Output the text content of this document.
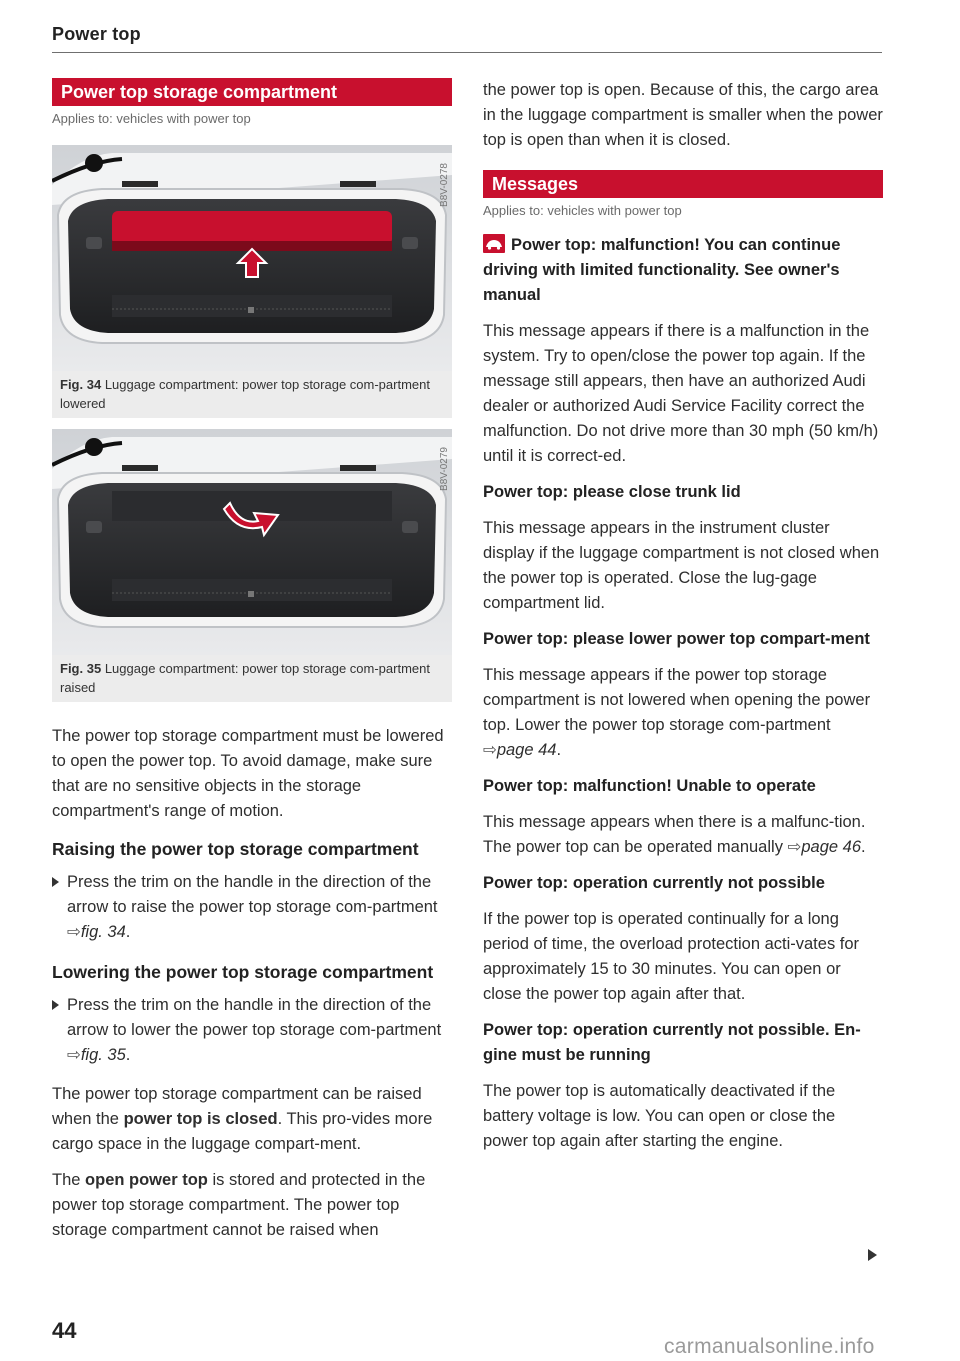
Power top
Power top storage compartment
Applies to: vehicles with power top
B8V-0278
Fig. 34 Luggage compartment: power top storage com-partment lowered
B8V-0279
Fig. 35 Luggage compartment: power top storage com-partment raised

The power top storage compartment must be lowered to open the power top. To avoid damage, make sure that are no sensitive objects in the storage compartment's range of motion.

Raising the power top storage compartment
Press the trim on the handle in the direction of the arrow to raise the power top storage com-partment ⇨fig. 34.
Lowering the power top storage compartment
Press the trim on the handle in the direction of the arrow to lower the power top storage com-partment ⇨fig. 35.

The power top storage compartment can be raised when the power top is closed. This pro-vides more cargo space in the luggage compart-ment.

The open power top is stored and protected in the power top storage compartment. The power top storage compartment cannot be raised when

the power top is open. Because of this, the cargo area in the luggage compartment is smaller when the power top is open than when it is closed.

Messages
Applies to: vehicles with power top
Power top: malfunction! You can continue driving with limited functionality. See owner's manual

This message appears if there is a malfunction in the system. Try to open/close the power top again. If the message still appears, then have an authorized Audi dealer or authorized Audi Service Facility correct the malfunction. Do not drive more than 30 mph (50 km/h) until it is correct-ed.

Power top: please close trunk lid

This message appears in the instrument cluster display if the luggage compartment is not closed when the power top is operated. Close the lug-gage compartment lid.

Power top: please lower power top compart-ment

This message appears if the power top storage compartment is not lowered when opening the power top. Lower the power top storage com-partment ⇨page 44.

Power top: malfunction! Unable to operate

This message appears when there is a malfunc-tion. The power top can be operated manually ⇨page 46.

Power top: operation currently not possible

If the power top is operated continually for a long period of time, the overload protection acti-vates for approximately 15 to 30 minutes. You can open or close the power top again after that.

Power top: operation currently not possible. En-gine must be running

The power top is automatically deactivated if the battery voltage is low. You can open or close the power top again after starting the engine.

44
carmanualsonline.info
